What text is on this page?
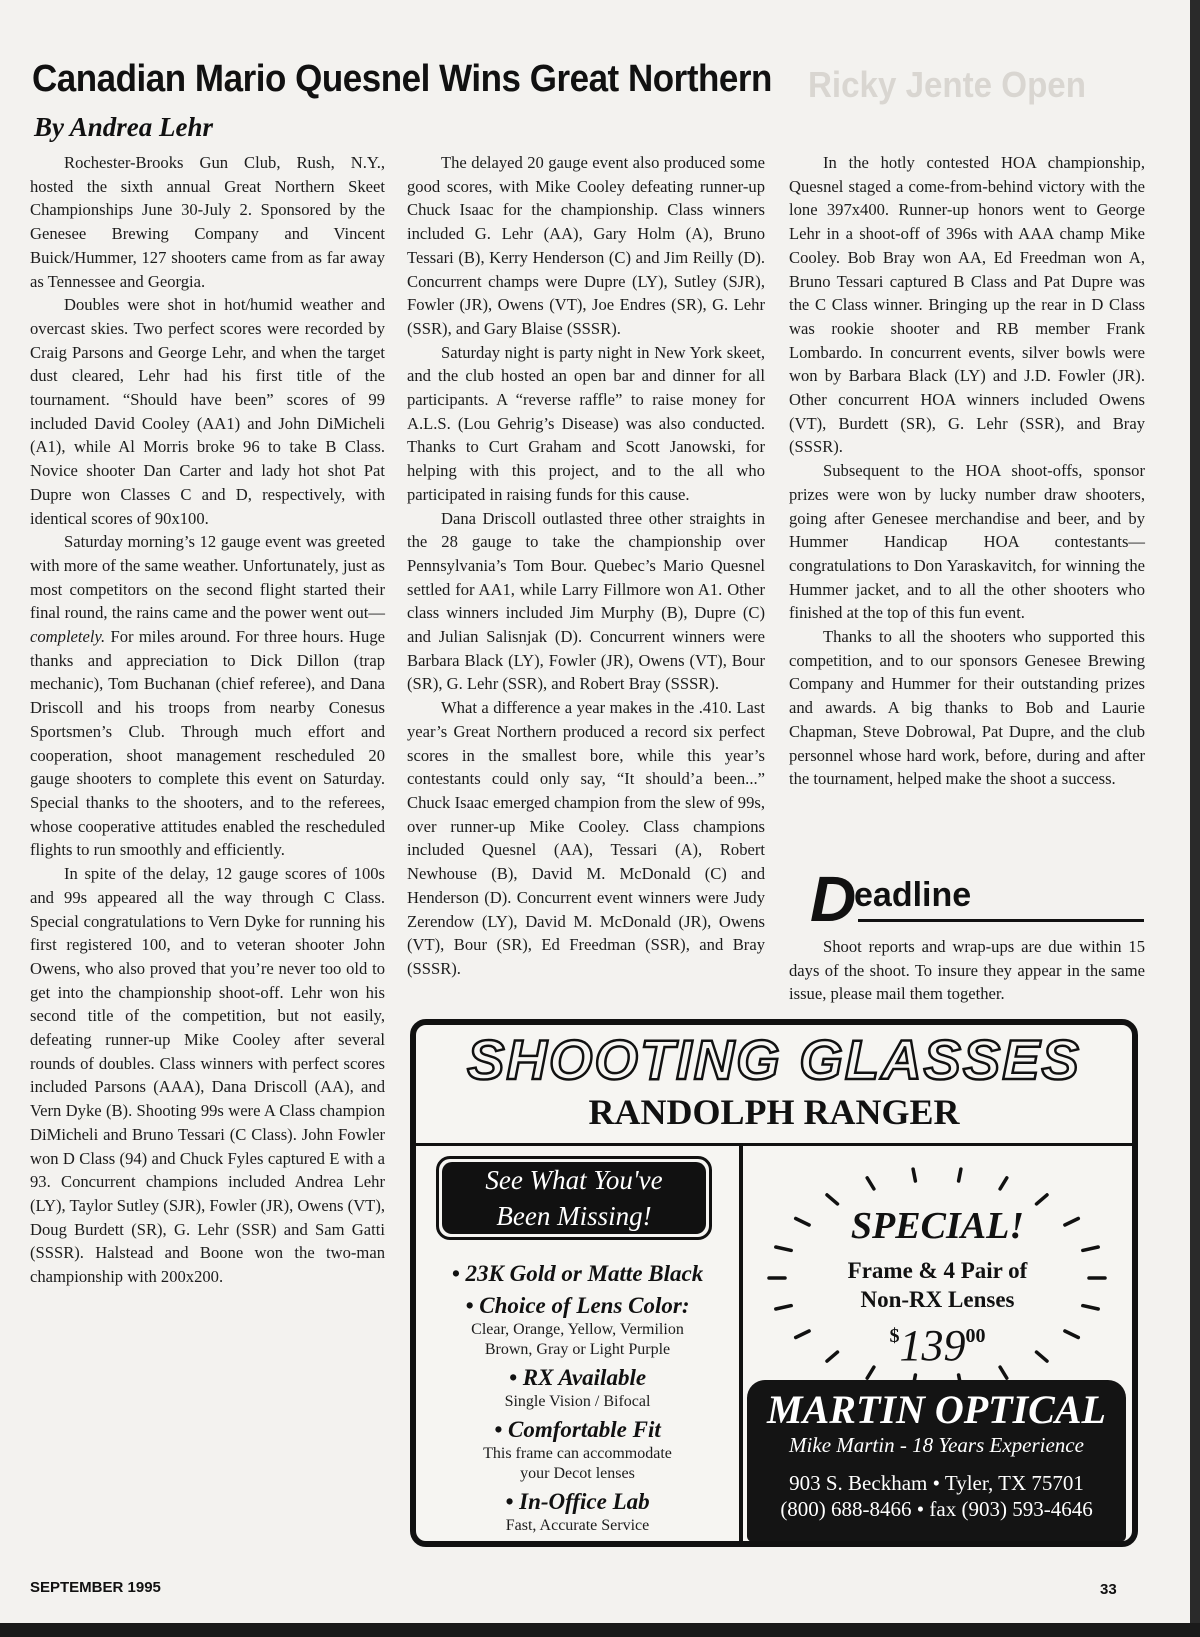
Ricky Jente Open
Canadian Mario Quesnel Wins Great Northern

By Andrea Lehr

Rochester-Brooks Gun Club, Rush, N.Y., hosted the sixth annual Great Northern Skeet Championships June 30-July 2. Sponsored by the Genesee Brewing Company and Vincent Buick/Hummer, 127 shooters came from as far away as Tennessee and Georgia.

Doubles were shot in hot/humid weather and overcast skies. Two perfect scores were recorded by Craig Parsons and George Lehr, and when the target dust cleared, Lehr had his first title of the tournament. “Should have been” scores of 99 included David Cooley (AA1) and John DiMicheli (A1), while Al Morris broke 96 to take B Class. Novice shooter Dan Carter and lady hot shot Pat Dupre won Classes C and D, respectively, with identical scores of 90x100.

Saturday morning’s 12 gauge event was greeted with more of the same weather. Unfortunately, just as most competitors on the second flight started their final round, the rains came and the power went out—completely. For miles around. For three hours. Huge thanks and appreciation to Dick Dillon (trap mechanic), Tom Buchanan (chief referee), and Dana Driscoll and his troops from nearby Conesus Sportsmen’s Club. Through much effort and cooperation, shoot management rescheduled 20 gauge shooters to complete this event on Saturday. Special thanks to the shooters, and to the referees, whose cooperative attitudes enabled the rescheduled flights to run smoothly and efficiently.

In spite of the delay, 12 gauge scores of 100s and 99s appeared all the way through C Class. Special congratulations to Vern Dyke for running his first registered 100, and to veteran shooter John Owens, who also proved that you’re never too old to get into the championship shoot-off. Lehr won his second title of the competition, but not easily, defeating runner-up Mike Cooley after several rounds of doubles. Class winners with perfect scores included Parsons (AAA), Dana Driscoll (AA), and Vern Dyke (B). Shooting 99s were A Class champion DiMicheli and Bruno Tessari (C Class). John Fowler won D Class (94) and Chuck Fyles captured E with a 93. Concurrent champions included Andrea Lehr (LY), Taylor Sutley (SJR), Fowler (JR), Owens (VT), Doug Burdett (SR), G. Lehr (SSR) and Sam Gatti (SSSR). Halstead and Boone won the two-man championship with 200x200.

The delayed 20 gauge event also produced some good scores, with Mike Cooley defeating runner-up Chuck Isaac for the championship. Class winners included G. Lehr (AA), Gary Holm (A), Bruno Tessari (B), Kerry Henderson (C) and Jim Reilly (D). Concurrent champs were Dupre (LY), Sutley (SJR), Fowler (JR), Owens (VT), Joe Endres (SR), G. Lehr (SSR), and Gary Blaise (SSSR).

Saturday night is party night in New York skeet, and the club hosted an open bar and dinner for all participants. A “reverse raffle” to raise money for A.L.S. (Lou Gehrig’s Disease) was also conducted. Thanks to Curt Graham and Scott Janowski, for helping with this project, and to the all who participated in raising funds for this cause.

Dana Driscoll outlasted three other straights in the 28 gauge to take the championship over Pennsylvania’s Tom Bour. Quebec’s Mario Quesnel settled for AA1, while Larry Fillmore won A1. Other class winners included Jim Murphy (B), Dupre (C) and Julian Salisnjak (D). Concurrent winners were Barbara Black (LY), Fowler (JR), Owens (VT), Bour (SR), G. Lehr (SSR), and Robert Bray (SSSR).

What a difference a year makes in the .410. Last year’s Great Northern produced a record six perfect scores in the smallest bore, while this year’s contestants could only say, “It should’a been...” Chuck Isaac emerged champion from the slew of 99s, over runner-up Mike Cooley. Class champions included Quesnel (AA), Tessari (A), Robert Newhouse (B), David M. McDonald (C) and Henderson (D). Concurrent event winners were Judy Zerendow (LY), David M. McDonald (JR), Owens (VT), Bour (SR), Ed Freedman (SSR), and Bray (SSSR).

In the hotly contested HOA championship, Quesnel staged a come-from-behind victory with the lone 397x400. Runner-up honors went to George Lehr in a shoot-off of 396s with AAA champ Mike Cooley. Bob Bray won AA, Ed Freedman won A, Bruno Tessari captured B Class and Pat Dupre was the C Class winner. Bringing up the rear in D Class was rookie shooter and RB member Frank Lombardo. In concurrent events, silver bowls were won by Barbara Black (LY) and J.D. Fowler (JR). Other concurrent HOA winners included Owens (VT), Burdett (SR), G. Lehr (SSR), and Bray (SSSR).

Subsequent to the HOA shoot-offs, sponsor prizes were won by lucky number draw shooters, going after Genesee merchandise and beer, and by Hummer Handicap HOA contestants—congratulations to Don Yaraskavitch, for winning the Hummer jacket, and to all the other shooters who finished at the top of this fun event.

Thanks to all the shooters who supported this competition, and to our sponsors Genesee Brewing Company and Hummer for their outstanding prizes and awards. A big thanks to Bob and Laurie Chapman, Steve Dobrowal, Pat Dupre, and the club personnel whose hard work, before, during and after the tournament, helped make the shoot a success.

D
eadline

Shoot reports and wrap-ups are due within 15 days of the shoot. To insure they appear in the same issue, please mail them together.

SHOOTING GLASSES

RANDOLPH RANGER

See What You've
Been Missing!
• 23K Gold or Matte Black
• Choice of Lens Color:
Clear, Orange, Yellow, Vermilion
Brown, Gray or Light Purple
• RX Available
Single Vision / Bifocal
• Comfortable Fit
This frame can accommodate
your Decot lenses
• In-Office Lab
Fast, Accurate Service

SPECIAL!

Frame & 4 Pair of

Non-RX Lenses

$^{\$}139^{00}$

MARTIN OPTICAL

Mike Martin - 18 Years Experience

903 S. Beckham • Tyler, TX 75701
(800) 688-8466 • fax (903) 593-4646

SEPTEMBER 1995	33
